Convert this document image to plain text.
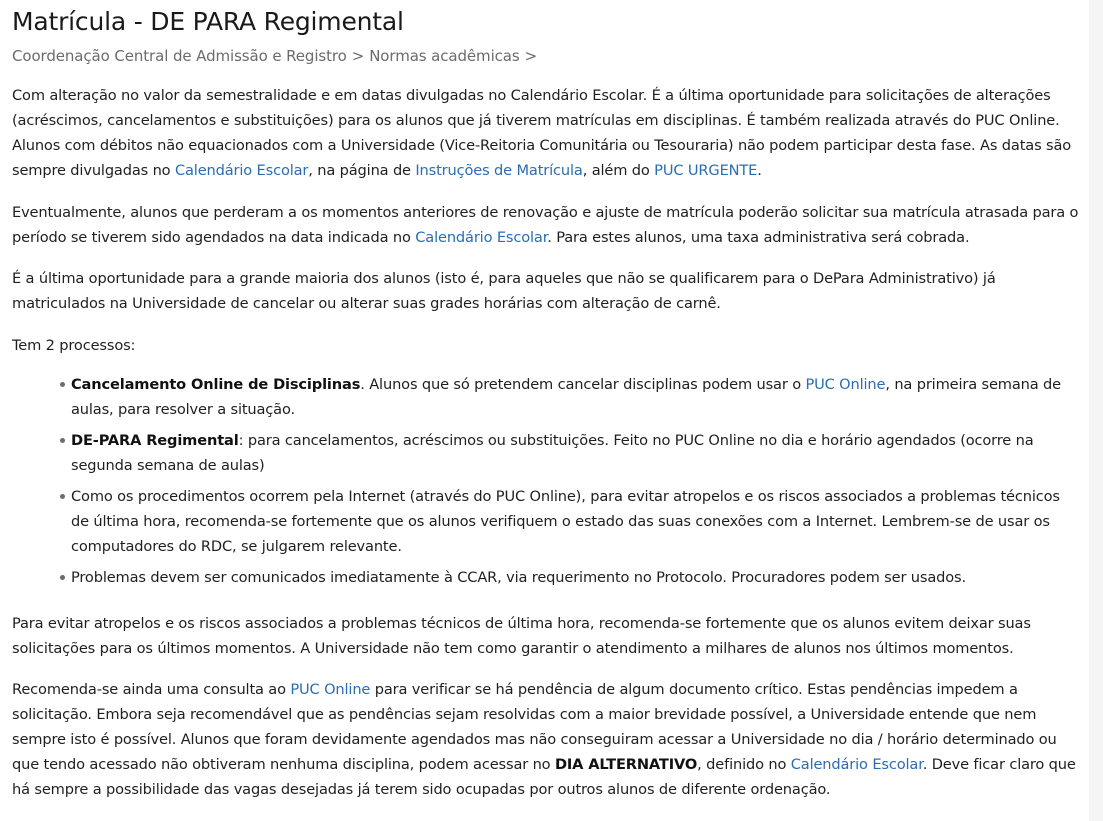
Matrícula - DE PARA Regimental
Coordenação Central de Admissão e Registro > Normas acadêmicas >

Com alteração no valor da semestralidade e em datas divulgadas no Calendário Escolar. É a última oportunidade para solicitações de alterações (acréscimos, cancelamentos e substituições) para os alunos que já tiverem matrículas em disciplinas. É também realizada através do PUC Online. Alunos com débitos não equacionados com a Universidade (Vice-Reitoria Comunitária ou Tesouraria) não podem participar desta fase. As datas são sempre divulgadas no Calendário Escolar, na página de Instruções de Matrícula, além do PUC URGENTE.

Eventualmente, alunos que perderam a os momentos anteriores de renovação e ajuste de matrícula poderão solicitar sua matrícula atrasada para o período se tiverem sido agendados na data indicada no Calendário Escolar. Para estes alunos, uma taxa administrativa será cobrada.

É a última oportunidade para a grande maioria dos alunos (isto é, para aqueles que não se qualificarem para o DePara Administrativo) já matriculados na Universidade de cancelar ou alterar suas grades horárias com alteração de carnê.

Tem 2 processos:

Cancelamento Online de Disciplinas. Alunos que só pretendem cancelar disciplinas podem usar o PUC Online, na primeira semana de aulas, para resolver a situação.
DE-PARA Regimental: para cancelamentos, acréscimos ou substituições. Feito no PUC Online no dia e horário agendados (ocorre na segunda semana de aulas)
Como os procedimentos ocorrem pela Internet (através do PUC Online), para evitar atropelos e os riscos associados a problemas técnicos de última hora, recomenda-se fortemente que os alunos verifiquem o estado das suas conexões com a Internet. Lembrem-se de usar os computadores do RDC, se julgarem relevante.
Problemas devem ser comunicados imediatamente à CCAR, via requerimento no Protocolo. Procuradores podem ser usados.

Para evitar atropelos e os riscos associados a problemas técnicos de última hora, recomenda-se fortemente que os alunos evitem deixar suas solicitações para os últimos momentos. A Universidade não tem como garantir o atendimento a milhares de alunos nos últimos momentos.

Recomenda-se ainda uma consulta ao PUC Online para verificar se há pendência de algum documento crítico. Estas pendências impedem a solicitação. Embora seja recomendável que as pendências sejam resolvidas com a maior brevidade possível, a Universidade entende que nem sempre isto é possível. Alunos que foram devidamente agendados mas não conseguiram acessar a Universidade no dia / horário determinado ou que tendo acessado não obtiveram nenhuma disciplina, podem acessar no DIA ALTERNATIVO, definido no Calendário Escolar. Deve ficar claro que há sempre a possibilidade das vagas desejadas já terem sido ocupadas por outros alunos de diferente ordenação.
